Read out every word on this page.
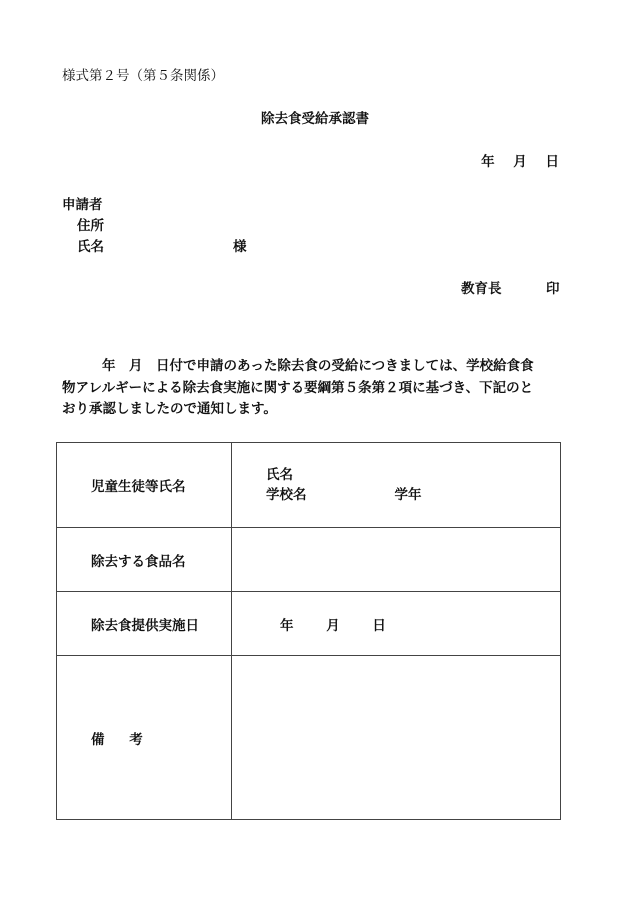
様式第２号（第５条関係）
除去食受給承認書
年 月 日
申請者
住所
氏名	様
教育長	印
年　月　日付で申請のあった除去食の受給につきましては、学校給食食
物アレルギーによる除去食実施に関する要綱第５条第２項に基づき、下記のと
おり承認しましたので通知します。
児童生徒等氏名	氏名
学校名 学年

除去する食品名	
除去食提供実施日	年 月 日
備 考	
